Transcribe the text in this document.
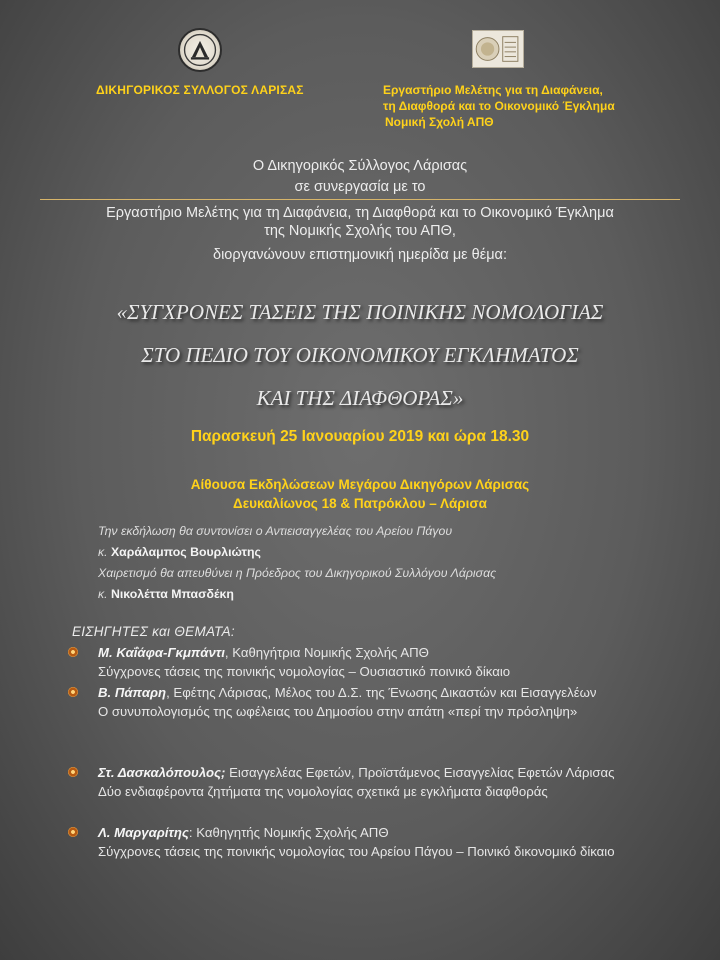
ΔΙΚΗΓΟΡΙΚΟΣ ΣΥΛΛΟΓΟΣ ΛΑΡΙΣΑΣ	Εργαστήριο Μελέτης για τη Διαφάνεια,
τη Διαφθορά και το Οικονομικό Έγκλημα
Νομική Σχολή ΑΠΘ
Ο Δικηγορικός Σύλλογος Λάρισας
σε συνεργασία με το
Εργαστήριο Μελέτης για τη Διαφάνεια, τη Διαφθορά και το Οικονομικό Έγκλημα
της Νομικής Σχολής του ΑΠΘ,
διοργανώνουν επιστημονική ημερίδα με θέμα:
«ΣΥΓΧΡΟΝΕΣ ΤΑΣΕΙΣ ΤΗΣ ΠΟΙΝΙΚΗΣ ΝΟΜΟΛΟΓΙΑΣ
ΣΤΟ ΠΕΔΙΟ ΤΟΥ ΟΙΚΟΝΟΜΙΚΟΥ ΕΓΚΛΗΜΑΤΟΣ
ΚΑΙ ΤΗΣ ΔΙΑΦΘΟΡΑΣ»
Παρασκευή 25 Ιανουαρίου 2019 και ώρα 18.30
Αίθουσα Εκδηλώσεων Μεγάρου Δικηγόρων Λάρισας
Δευκαλίωνος 18 & Πατρόκλου – Λάρισα
Την εκδήλωση θα συντονίσει ο Αντιεισαγγελέας του Αρείου Πάγου
κ. Χαράλαμπος Βουρλιώτης
Χαιρετισμό θα απευθύνει η Πρόεδρος του Δικηγορικού Συλλόγου Λάρισας
κ. Νικολέττα Μπασδέκη
ΕΙΣΗΓΗΤΕΣ και ΘΕΜΑΤΑ:
Μ. Καΐάφα-Γκμπάντι, Καθηγήτρια Νομικής Σχολής ΑΠΘ
Σύγχρονες τάσεις της ποινικής νομολογίας – Ουσιαστικό ποινικό δίκαιο
Β. Πάπαρη, Εφέτης Λάρισας, Μέλος του Δ.Σ. της Ένωσης Δικαστών και Εισαγγελέων
Ο συνυπολογισμός της ωφέλειας του Δημοσίου στην απάτη «περί την πρόσληψη»
Στ. Δασκαλόπουλος; Εισαγγελέας Εφετών, Προϊστάμενος Εισαγγελίας Εφετών Λάρισας
Δύο ενδιαφέροντα ζητήματα της νομολογίας σχετικά με εγκλήματα διαφθοράς
Λ. Μαργαρίτης: Καθηγητής Νομικής Σχολής ΑΠΘ
Σύγχρονες τάσεις της ποινικής νομολογίας του Αρείου Πάγου – Ποινικό δικονομικό δίκαιο
